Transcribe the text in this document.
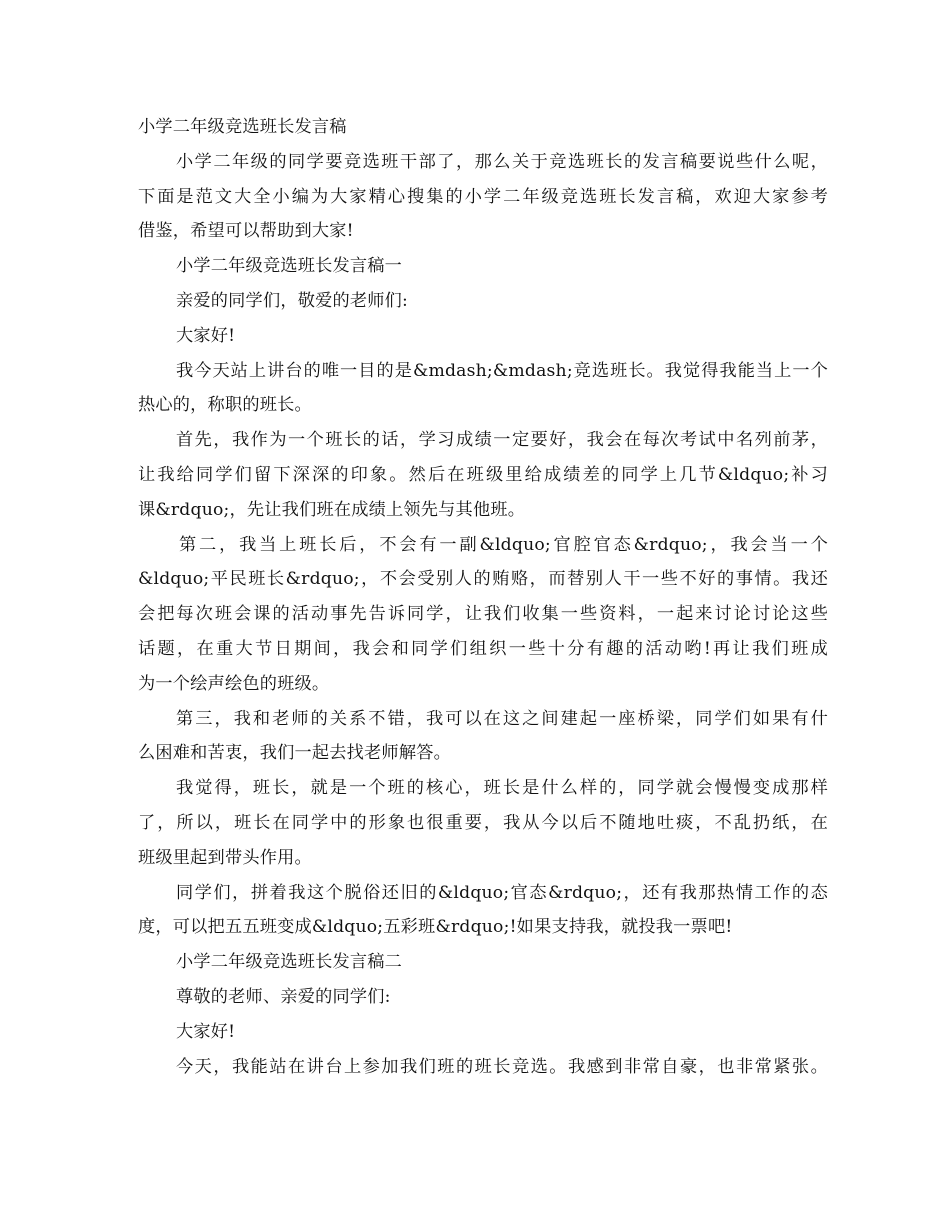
小学二年级竞选班长发言稿
小学二年级的同学要竞选班干部了，那么关于竞选班长的发言稿要说些什么呢，
下面是范文大全小编为大家精心搜集的小学二年级竞选班长发言稿，欢迎大家参考
借鉴，希望可以帮助到大家!
小学二年级竞选班长发言稿一
亲爱的同学们，敬爱的老师们:
大家好!
我今天站上讲台的唯一目的是&mdash;&mdash;竞选班长。我觉得我能当上一个
热心的，称职的班长。
首先，我作为一个班长的话，学习成绩一定要好，我会在每次考试中名列前茅，
让我给同学们留下深深的印象。然后在班级里给成绩差的同学上几节&ldquo;补习
课&rdquo;，先让我们班在成绩上领先与其他班。
第二，我当上班长后，不会有一副&ldquo;官腔官态&rdquo;，我会当一个
&ldquo;平民班长&rdquo;，不会受别人的贿赂，而替别人干一些不好的事情。我还
会把每次班会课的活动事先告诉同学，让我们收集一些资料，一起来讨论讨论这些
话题，在重大节日期间，我会和同学们组织一些十分有趣的活动哟!再让我们班成
为一个绘声绘色的班级。
第三，我和老师的关系不错，我可以在这之间建起一座桥梁，同学们如果有什
么困难和苦衷，我们一起去找老师解答。
我觉得，班长，就是一个班的核心，班长是什么样的，同学就会慢慢变成那样
了，所以，班长在同学中的形象也很重要，我从今以后不随地吐痰，不乱扔纸，在
班级里起到带头作用。
同学们，拼着我这个脱俗还旧的&ldquo;官态&rdquo;，还有我那热情工作的态
度，可以把五五班变成&ldquo;五彩班&rdquo;!如果支持我，就投我一票吧!
小学二年级竞选班长发言稿二
尊敬的老师、亲爱的同学们:
大家好!
今天，我能站在讲台上参加我们班的班长竞选。我感到非常自豪，也非常紧张。
